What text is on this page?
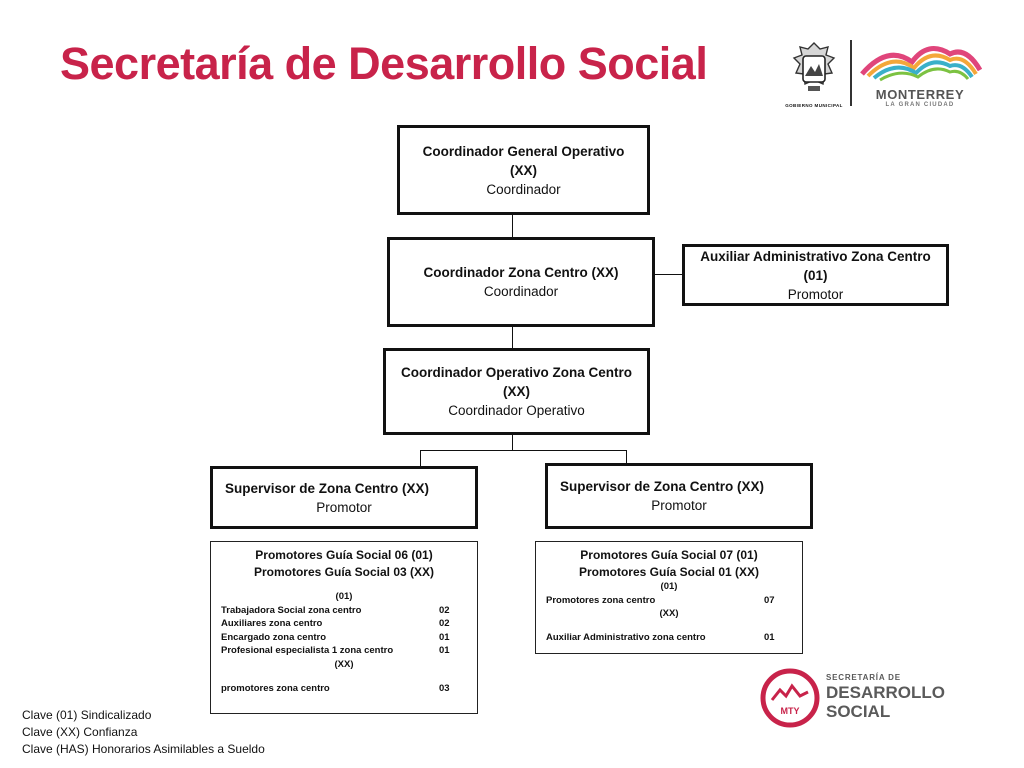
Secretaría de Desarrollo Social
GOBIERNO MUNICIPAL
MONTERREY
LA GRAN CIUDAD
Coordinador General Operativo
(XX)
Coordinador
Coordinador Zona Centro (XX)
Coordinador
Auxiliar Administrativo Zona Centro
(01)
Promotor
Coordinador Operativo Zona Centro
(XX)
Coordinador Operativo
Supervisor de Zona Centro (XX)
Promotor
Supervisor de Zona Centro (XX)
Promotor
Promotores Guía Social 06 (01)
Promotores Guía Social 03 (XX)
(01)
Trabajadora Social zona centro	02
Auxiliares zona centro	02
Encargado zona centro	01
Profesional especialista 1 zona centro	01
(XX)
promotores zona centro	03
Promotores Guía Social 07 (01)
Promotores Guía Social 01 (XX)
(01)
Promotores zona centro	07
(XX)
Auxiliar Administrativo zona centro	01
Clave (01) Sindicalizado
Clave (XX) Confianza
Clave (HAS) Honorarios Asimilables a Sueldo
MTY
SECRETARÍA DE
DESARROLLO
SOCIAL
